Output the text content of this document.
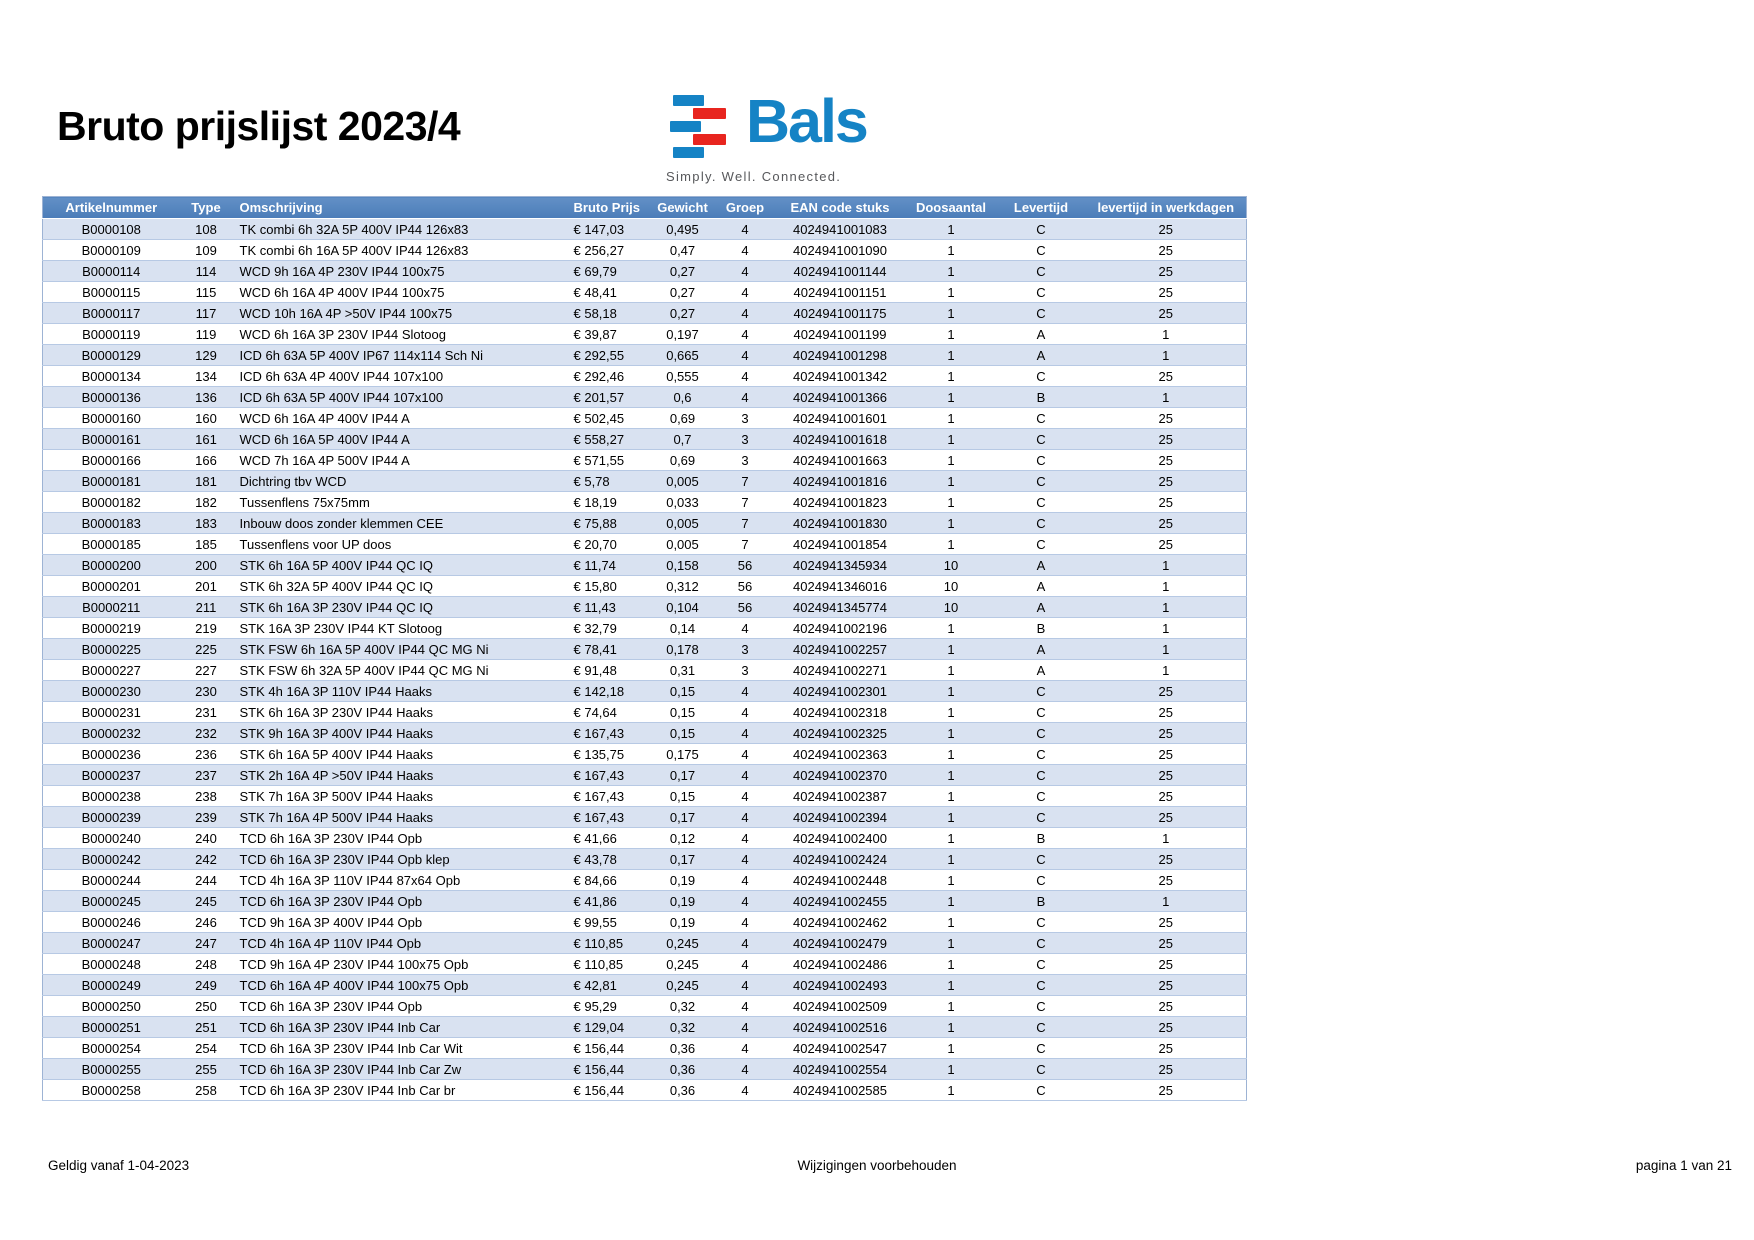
Bruto prijslijst 2023/4	Bals
Simply. Well. Connected.
Artikelnummer	Type	Omschrijving	Bruto Prijs	Gewicht	Groep	EAN code stuks	Doosaantal	Levertijd	levertijd in werkdagen
B0000108	108	TK combi 6h 32A 5P 400V IP44 126x83	€ 147,03	0,495	4	4024941001083	1	C	25
B0000109	109	TK combi 6h 16A 5P 400V IP44 126x83	€ 256,27	0,47	4	4024941001090	1	C	25
B0000114	114	WCD 9h 16A 4P 230V IP44 100x75	€ 69,79	0,27	4	4024941001144	1	C	25
B0000115	115	WCD 6h 16A 4P 400V IP44 100x75	€ 48,41	0,27	4	4024941001151	1	C	25
B0000117	117	WCD 10h 16A 4P >50V IP44 100x75	€ 58,18	0,27	4	4024941001175	1	C	25
B0000119	119	WCD 6h 16A 3P 230V IP44 Slotoog	€ 39,87	0,197	4	4024941001199	1	A	1
B0000129	129	ICD 6h 63A 5P 400V IP67 114x114 Sch Ni	€ 292,55	0,665	4	4024941001298	1	A	1
B0000134	134	ICD 6h 63A 4P 400V IP44 107x100	€ 292,46	0,555	4	4024941001342	1	C	25
B0000136	136	ICD 6h 63A 5P 400V IP44 107x100	€ 201,57	0,6	4	4024941001366	1	B	1
B0000160	160	WCD 6h 16A 4P 400V IP44 A	€ 502,45	0,69	3	4024941001601	1	C	25
B0000161	161	WCD 6h 16A 5P 400V IP44 A	€ 558,27	0,7	3	4024941001618	1	C	25
B0000166	166	WCD 7h 16A 4P 500V IP44 A	€ 571,55	0,69	3	4024941001663	1	C	25
B0000181	181	Dichtring tbv WCD	€ 5,78	0,005	7	4024941001816	1	C	25
B0000182	182	Tussenflens 75x75mm	€ 18,19	0,033	7	4024941001823	1	C	25
B0000183	183	Inbouw doos zonder klemmen CEE	€ 75,88	0,005	7	4024941001830	1	C	25
B0000185	185	Tussenflens voor UP doos	€ 20,70	0,005	7	4024941001854	1	C	25
B0000200	200	STK 6h 16A 5P 400V IP44 QC IQ	€ 11,74	0,158	56	4024941345934	10	A	1
B0000201	201	STK 6h 32A 5P 400V IP44 QC IQ	€ 15,80	0,312	56	4024941346016	10	A	1
B0000211	211	STK 6h 16A 3P 230V IP44 QC IQ	€ 11,43	0,104	56	4024941345774	10	A	1
B0000219	219	STK 16A 3P 230V IP44 KT Slotoog	€ 32,79	0,14	4	4024941002196	1	B	1
B0000225	225	STK FSW 6h 16A 5P 400V IP44 QC MG Ni	€ 78,41	0,178	3	4024941002257	1	A	1
B0000227	227	STK FSW 6h 32A 5P 400V IP44 QC MG Ni	€ 91,48	0,31	3	4024941002271	1	A	1
B0000230	230	STK 4h 16A 3P 110V IP44 Haaks	€ 142,18	0,15	4	4024941002301	1	C	25
B0000231	231	STK 6h 16A 3P 230V IP44 Haaks	€ 74,64	0,15	4	4024941002318	1	C	25
B0000232	232	STK 9h 16A 3P 400V IP44 Haaks	€ 167,43	0,15	4	4024941002325	1	C	25
B0000236	236	STK 6h 16A 5P 400V IP44 Haaks	€ 135,75	0,175	4	4024941002363	1	C	25
B0000237	237	STK 2h 16A 4P >50V IP44 Haaks	€ 167,43	0,17	4	4024941002370	1	C	25
B0000238	238	STK 7h 16A 3P 500V IP44 Haaks	€ 167,43	0,15	4	4024941002387	1	C	25
B0000239	239	STK 7h 16A 4P 500V IP44 Haaks	€ 167,43	0,17	4	4024941002394	1	C	25
B0000240	240	TCD 6h 16A 3P 230V IP44 Opb	€ 41,66	0,12	4	4024941002400	1	B	1
B0000242	242	TCD 6h 16A 3P 230V IP44 Opb klep	€ 43,78	0,17	4	4024941002424	1	C	25
B0000244	244	TCD 4h 16A 3P 110V IP44 87x64 Opb	€ 84,66	0,19	4	4024941002448	1	C	25
B0000245	245	TCD 6h 16A 3P 230V IP44 Opb	€ 41,86	0,19	4	4024941002455	1	B	1
B0000246	246	TCD 9h 16A 3P 400V IP44 Opb	€ 99,55	0,19	4	4024941002462	1	C	25
B0000247	247	TCD 4h 16A 4P 110V IP44 Opb	€ 110,85	0,245	4	4024941002479	1	C	25
B0000248	248	TCD 9h 16A 4P 230V IP44 100x75 Opb	€ 110,85	0,245	4	4024941002486	1	C	25
B0000249	249	TCD 6h 16A 4P 400V IP44 100x75 Opb	€ 42,81	0,245	4	4024941002493	1	C	25
B0000250	250	TCD 6h 16A 3P 230V IP44 Opb	€ 95,29	0,32	4	4024941002509	1	C	25
B0000251	251	TCD 6h 16A 3P 230V IP44 Inb Car	€ 129,04	0,32	4	4024941002516	1	C	25
B0000254	254	TCD 6h 16A 3P 230V IP44 Inb Car Wit	€ 156,44	0,36	4	4024941002547	1	C	25
B0000255	255	TCD 6h 16A 3P 230V IP44 Inb Car Zw	€ 156,44	0,36	4	4024941002554	1	C	25
B0000258	258	TCD 6h 16A 3P 230V IP44 Inb Car br	€ 156,44	0,36	4	4024941002585	1	C	25
Geldig vanaf 1-04-2023	Wijzigingen voorbehouden	pagina 1 van 21
